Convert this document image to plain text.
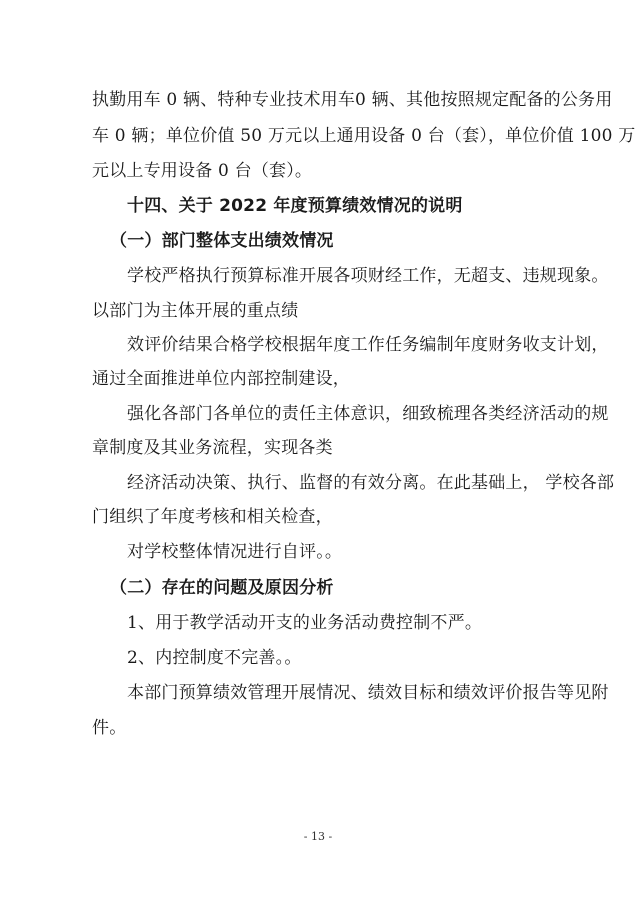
执勤用车 0 辆、特种专业技术用车0 辆、其他按照规定配备的公务用
车 0 辆；单位价值 50 万元以上通用设备 0 台（套），单位价值 100 万
元以上专用设备 0 台（套）。
十四、关于 2022 年度预算绩效情况的说明
（一）部门整体支出绩效情况
学校严格执行预算标准开展各项财经工作，无超支、违规现象。
以部门为主体开展的重点绩
效评价结果合格学校根据年度工作任务编制年度财务收支计划，
通过全面推进单位内部控制建设，
强化各部门各单位的责任主体意识，细致梳理各类经济活动的规
章制度及其业务流程，实现各类
经济活动决策、执行、监督的有效分离。在此基础上， 学校各部
门组织了年度考核和相关检查，
对学校整体情况进行自评。。
（二）存在的问题及原因分析
1、用于教学活动开支的业务活动费控制不严。
2、内控制度不完善。。
本部门预算绩效管理开展情况、绩效目标和绩效评价报告等见附
件。
- 13 -
